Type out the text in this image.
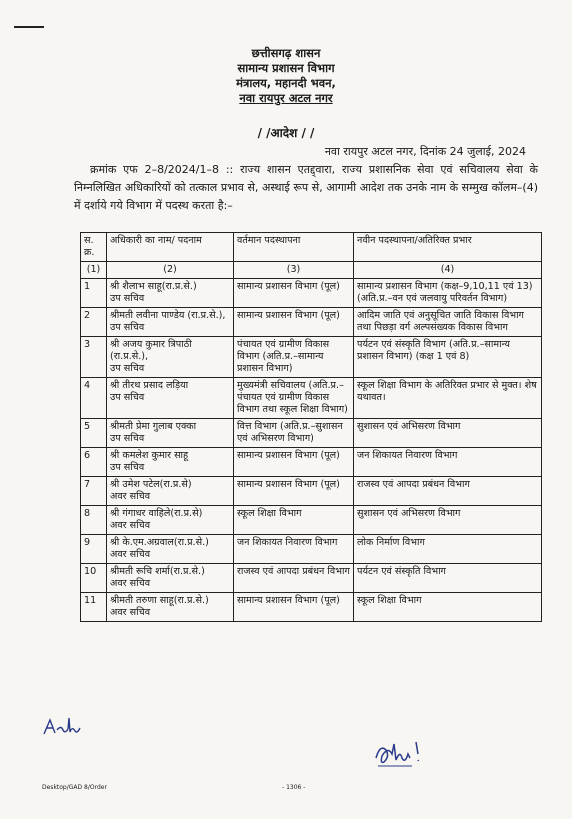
छत्तीसगढ़ शासन
सामान्य प्रशासन विभाग
मंत्रालय, महानदी भवन,
नवा रायपुर अटल नगर
/ /आदेश / /
नवा रायपुर अटल नगर, दिनांक 24 जुलाई, 2024
क्रमांक एफ 2–8/2024/1–8 :: राज्य शासन एतद्द्वारा, राज्य प्रशासनिक सेवा एवं सचिवालय सेवा के निम्नलिखित अधिकारियों को तत्काल प्रभाव से, अस्थाई रूप से, आगामी आदेश तक उनके नाम के सम्मुख कॉलम–(4) में दर्शाये गये विभाग में पदस्थ करता है:–
स. क्र.	अधिकारी का नाम/ पदनाम	वर्तमान पदस्थापना	नवीन पदस्थापना/अतिरिक्त प्रभार
(1)	(2)	(3)	(4)
1	श्री शैलाभ साहू(रा.प्र.से.)
उप सचिव	सामान्य प्रशासन विभाग (पूल)	सामान्य प्रशासन विभाग (कक्ष–9,10,11 एवं 13) (अति.प्र.–वन एवं जलवायु परिवर्तन विभाग)
2	श्रीमती लवीना पाण्डेय (रा.प्र.से.),
उप सचिव	सामान्य प्रशासन विभाग (पूल)	आदिम जाति एवं अनुसूचित जाति विकास विभाग तथा पिछड़ा वर्ग अल्पसंख्यक विकास विभाग
3	श्री अजय कुमार त्रिपाठी (रा.प्र.से.),
उप सचिव	पंचायत एवं ग्रामीण विकास विभाग (अति.प्र.–सामान्य प्रशासन विभाग)	पर्यटन एवं संस्कृति विभाग (अति.प्र.–सामान्य प्रशासन विभाग) (कक्ष 1 एवं 8)
4	श्री तीरथ प्रसाद लड़िया
उप सचिव	मुख्यमंत्री सचिवालय (अति.प्र.–पंचायत एवं ग्रामीण विकास विभाग तथा स्कूल शिक्षा विभाग)	स्कूल शिक्षा विभाग के अतिरिक्त प्रभार से मुक्त। शेष यथावत।
5	श्रीमती प्रेमा गुलाब एक्का
उप सचिव	वित्त विभाग (अति.प्र.–सुशासन एवं अभिसरण विभाग)	सुशासन एवं अभिसरण विभाग
6	श्री कमलेश कुमार साहू
उप सचिव	सामान्य प्रशासन विभाग (पूल)	जन शिकायत निवारण विभाग
7	श्री उमेश पटेल(रा.प्र.से)
अवर सचिव	सामान्य प्रशासन विभाग (पूल)	राजस्व एवं आपदा प्रबंधन विभाग
8	श्री गंगाधर वाहिले(रा.प्र.से)
अवर सचिव	स्कूल शिक्षा विभाग	सुशासन एवं अभिसरण विभाग
9	श्री के.एम.अग्रवाल(रा.प्र.से.)
अवर सचिव	जन शिकायत निवारण विभाग	लोक निर्माण विभाग
10	श्रीमती रूचि शर्मा(रा.प्र.से.)
अवर सचिव	राजस्व एवं आपदा प्रबंधन विभाग	पर्यटन एवं संस्कृति विभाग
11	श्रीमती तरुणा साहू(रा.प्र.से.)
अवर सचिव	सामान्य प्रशासन विभाग (पूल)	स्कूल शिक्षा विभाग
Desktop/GAD 8/Order	- 1306 -
